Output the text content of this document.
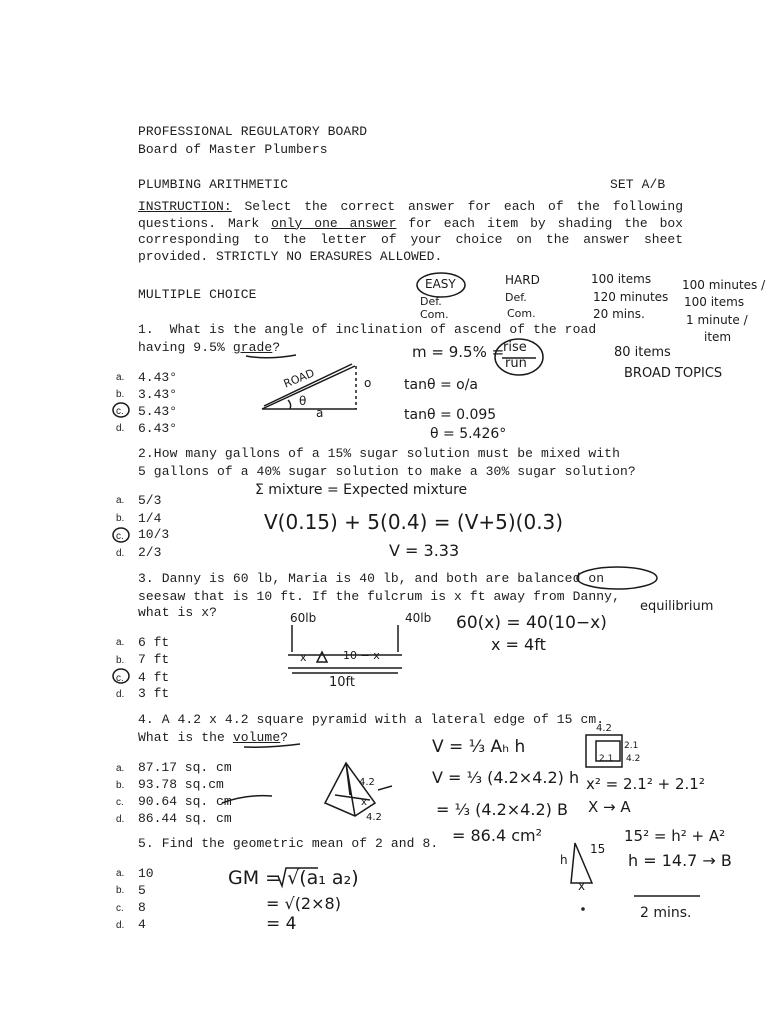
PROFESSIONAL REGULATORY BOARD
Board of Master Plumbers
PLUMBING ARITHMETIC	SET A/B
INSTRUCTION: Select the correct answer for each of the following questions. Mark only one answer for each item by shading the box corresponding to the letter of your choice on the answer sheet provided. STRICTLY NO ERASURES ALLOWED.
MULTIPLE CHOICE
1.  What is the angle of inclination of ascend of the road
having 9.5% grade?
a. 4.43°
b. 3.43°
c. 5.43°
d. 6.43°
2.How many gallons of a 15% sugar solution must be mixed with
5 gallons of a 40% sugar solution to make a 30% sugar solution?
a. 5/3
b. 1/4
c. 10/3
d. 2/3
3. Danny is 60 lb, Maria is 40 lb, and both are balanced on
seesaw that is 10 ft. If the fulcrum is x ft away from Danny,
what is x?
a. 6 ft
b. 7 ft
c. 4 ft
d. 3 ft
4. A 4.2 x 4.2 square pyramid with a lateral edge of 15 cm.
What is the volume?
a. 87.17 sq. cm
b. 93.78 sq.cm
c. 90.64 sq. cm
d. 86.44 sq. cm
5. Find the geometric mean of 2 and 8.
a. 10
b. 5
c. 8
d. 4
EASY
Def.
Com.
HARD
Def.
Com.
100 items
120 minutes
20 mins.
100 minutes /
100 items
1 minute /
item
80 items
BROAD TOPICS
m = 9.5% =
rise
run
ROAD
θ
o
a
tanθ = o/a
tanθ = 0.095
θ = 5.426°
Σ mixture = Expected mixture
V(0.15) + 5(0.4) = (V+5)(0.3)
V = 3.33
60lb	40lb
x	10 − x
10ft
60(x) = 40(10−x)
x = 4ft
equilibrium
V = ⅓ Aₕ h
V = ⅓ (4.2×4.2) h
= ⅓ (4.2×4.2) B
= 86.4 cm²
4.2
2.1
4.2
2.1
x² = 2.1² + 2.1²
X → A
15² = h² + A²
h = 14.7 → B
4.2
4.2
x
h
15
x
GM = √(a₁ a₂)
= √(2×8)
= 4
2 mins.
